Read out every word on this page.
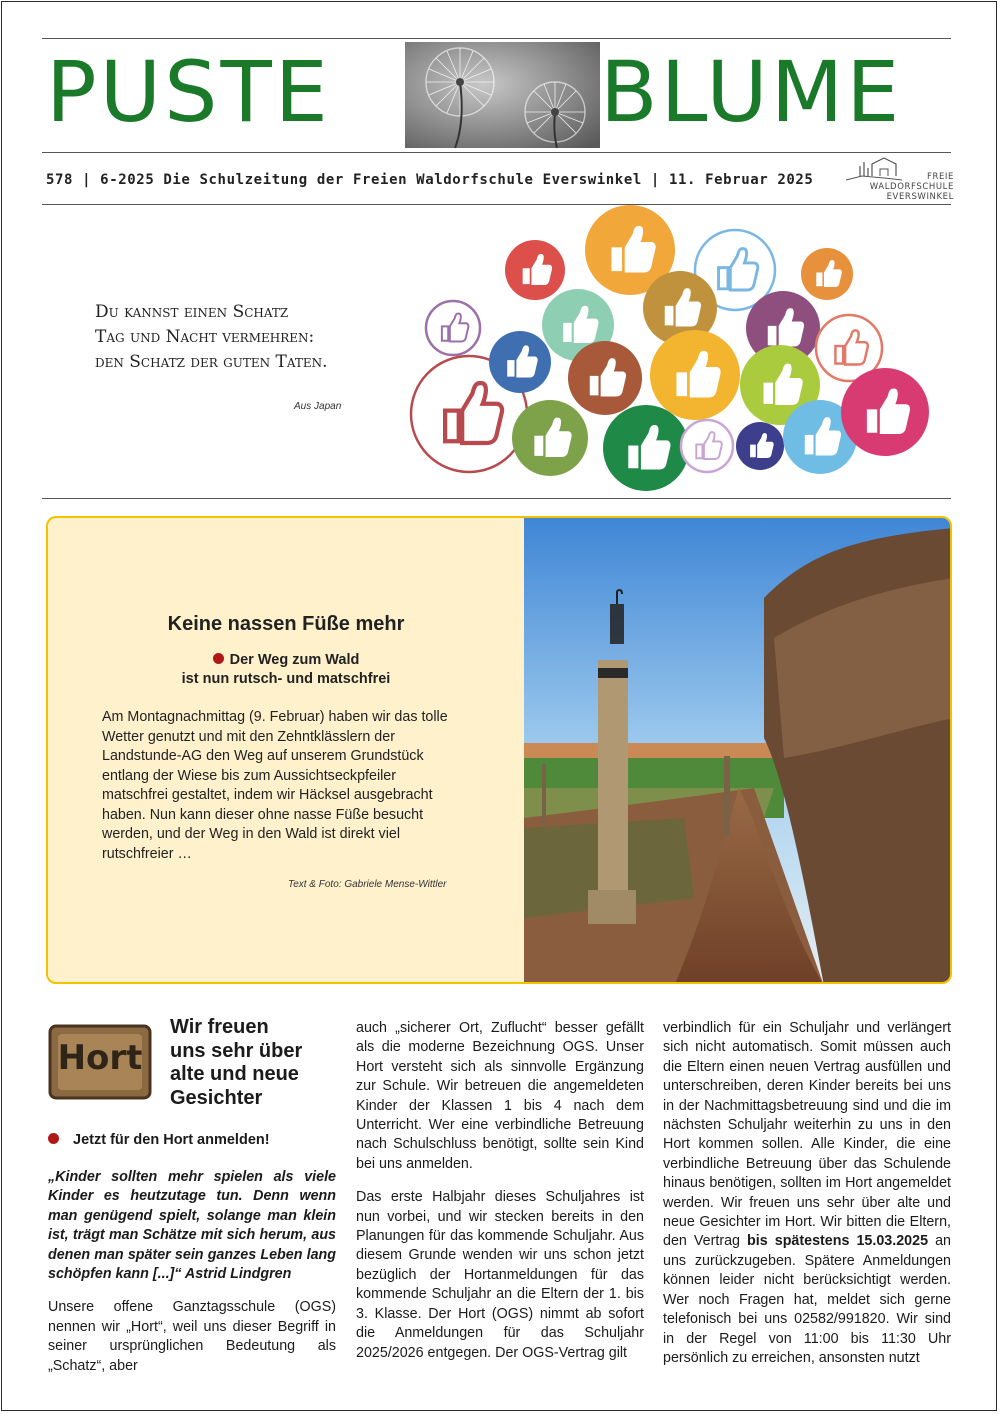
PUSTE	BLUME
578 | 6-2025 Die Schulzeitung der Freien Waldorfschule Everswinkel | 11. Februar 2025	FREIE
WALDORFSCHULE
EVERSWINKEL
Du kannst einen Schatz
Tag und Nacht vermehren:
den Schatz der guten Taten.
Aus Japan
Keine nassen Füße mehr
Der Weg zum Wald
ist nun rutsch- und matschfrei
Am Montagnachmittag (9. Februar) haben wir das tolle Wetter genutzt und mit den Zehntklässlern der Landstunde-AG den Weg auf unserem Grundstück entlang der Wiese bis zum Aussichtseckpfeiler matschfrei gestaltet, indem wir Häcksel ausgebracht haben. Nun kann dieser ohne nasse Füße besucht werden, und der Weg in den Wald ist direkt viel rutschfreier …
Text & Foto: Gabriele Mense-Wittler
Hort
Wir freuen
uns sehr über
alte und neue
Gesichter
Jetzt für den Hort anmelden!

„Kinder sollten mehr spielen als viele Kinder es heutzutage tun. Denn wenn man genügend spielt, solange man klein ist, trägt man Schätze mit sich herum, aus denen man später sein ganzes Leben lang schöpfen kann [...]“ Astrid Lindgren

Unsere offene Ganztagsschule (OGS) nennen wir „Hort“, weil uns dieser Begriff in seiner ursprünglichen Bedeutung als „Schatz“, aber

auch „sicherer Ort, Zuflucht“ besser gefällt als die moderne Bezeichnung OGS. Unser Hort versteht sich als sinnvolle Ergänzung zur Schule. Wir betreuen die angemeldeten Kinder der Klassen 1 bis 4 nach dem Unterricht. Wer eine verbindliche Betreuung nach Schulschluss benötigt, sollte sein Kind bei uns anmelden.

Das erste Halbjahr dieses Schuljahres ist nun vorbei, und wir stecken bereits in den Planungen für das kommende Schuljahr. Aus diesem Grunde wenden wir uns schon jetzt bezüglich der Hortanmeldungen für das kommende Schuljahr an die Eltern der 1. bis 3. Klasse. Der Hort (OGS) nimmt ab sofort die Anmeldungen für das Schuljahr 2025/2026 entgegen. Der OGS-Vertrag gilt

verbindlich für ein Schuljahr und verlängert sich nicht automatisch. Somit müssen auch die Eltern einen neuen Vertrag ausfüllen und unterschreiben, deren Kinder bereits bei uns in der Nachmittagsbetreuung sind und die im nächsten Schuljahr weiterhin zu uns in den Hort kommen sollen. Alle Kinder, die eine verbindliche Betreuung über das Schulende hinaus benötigen, sollten im Hort angemeldet werden. Wir freuen uns sehr über alte und neue Gesichter im Hort. Wir bitten die Eltern, den Vertrag bis spätestens 15.03.2025 an uns zurückzugeben. Spätere Anmeldungen können leider nicht berücksichtigt werden. Wer noch Fragen hat, meldet sich gerne telefonisch bei uns 02582/991820. Wir sind in der Regel von 11:00 bis 11:30 Uhr persönlich zu erreichen, ansonsten nutzt
